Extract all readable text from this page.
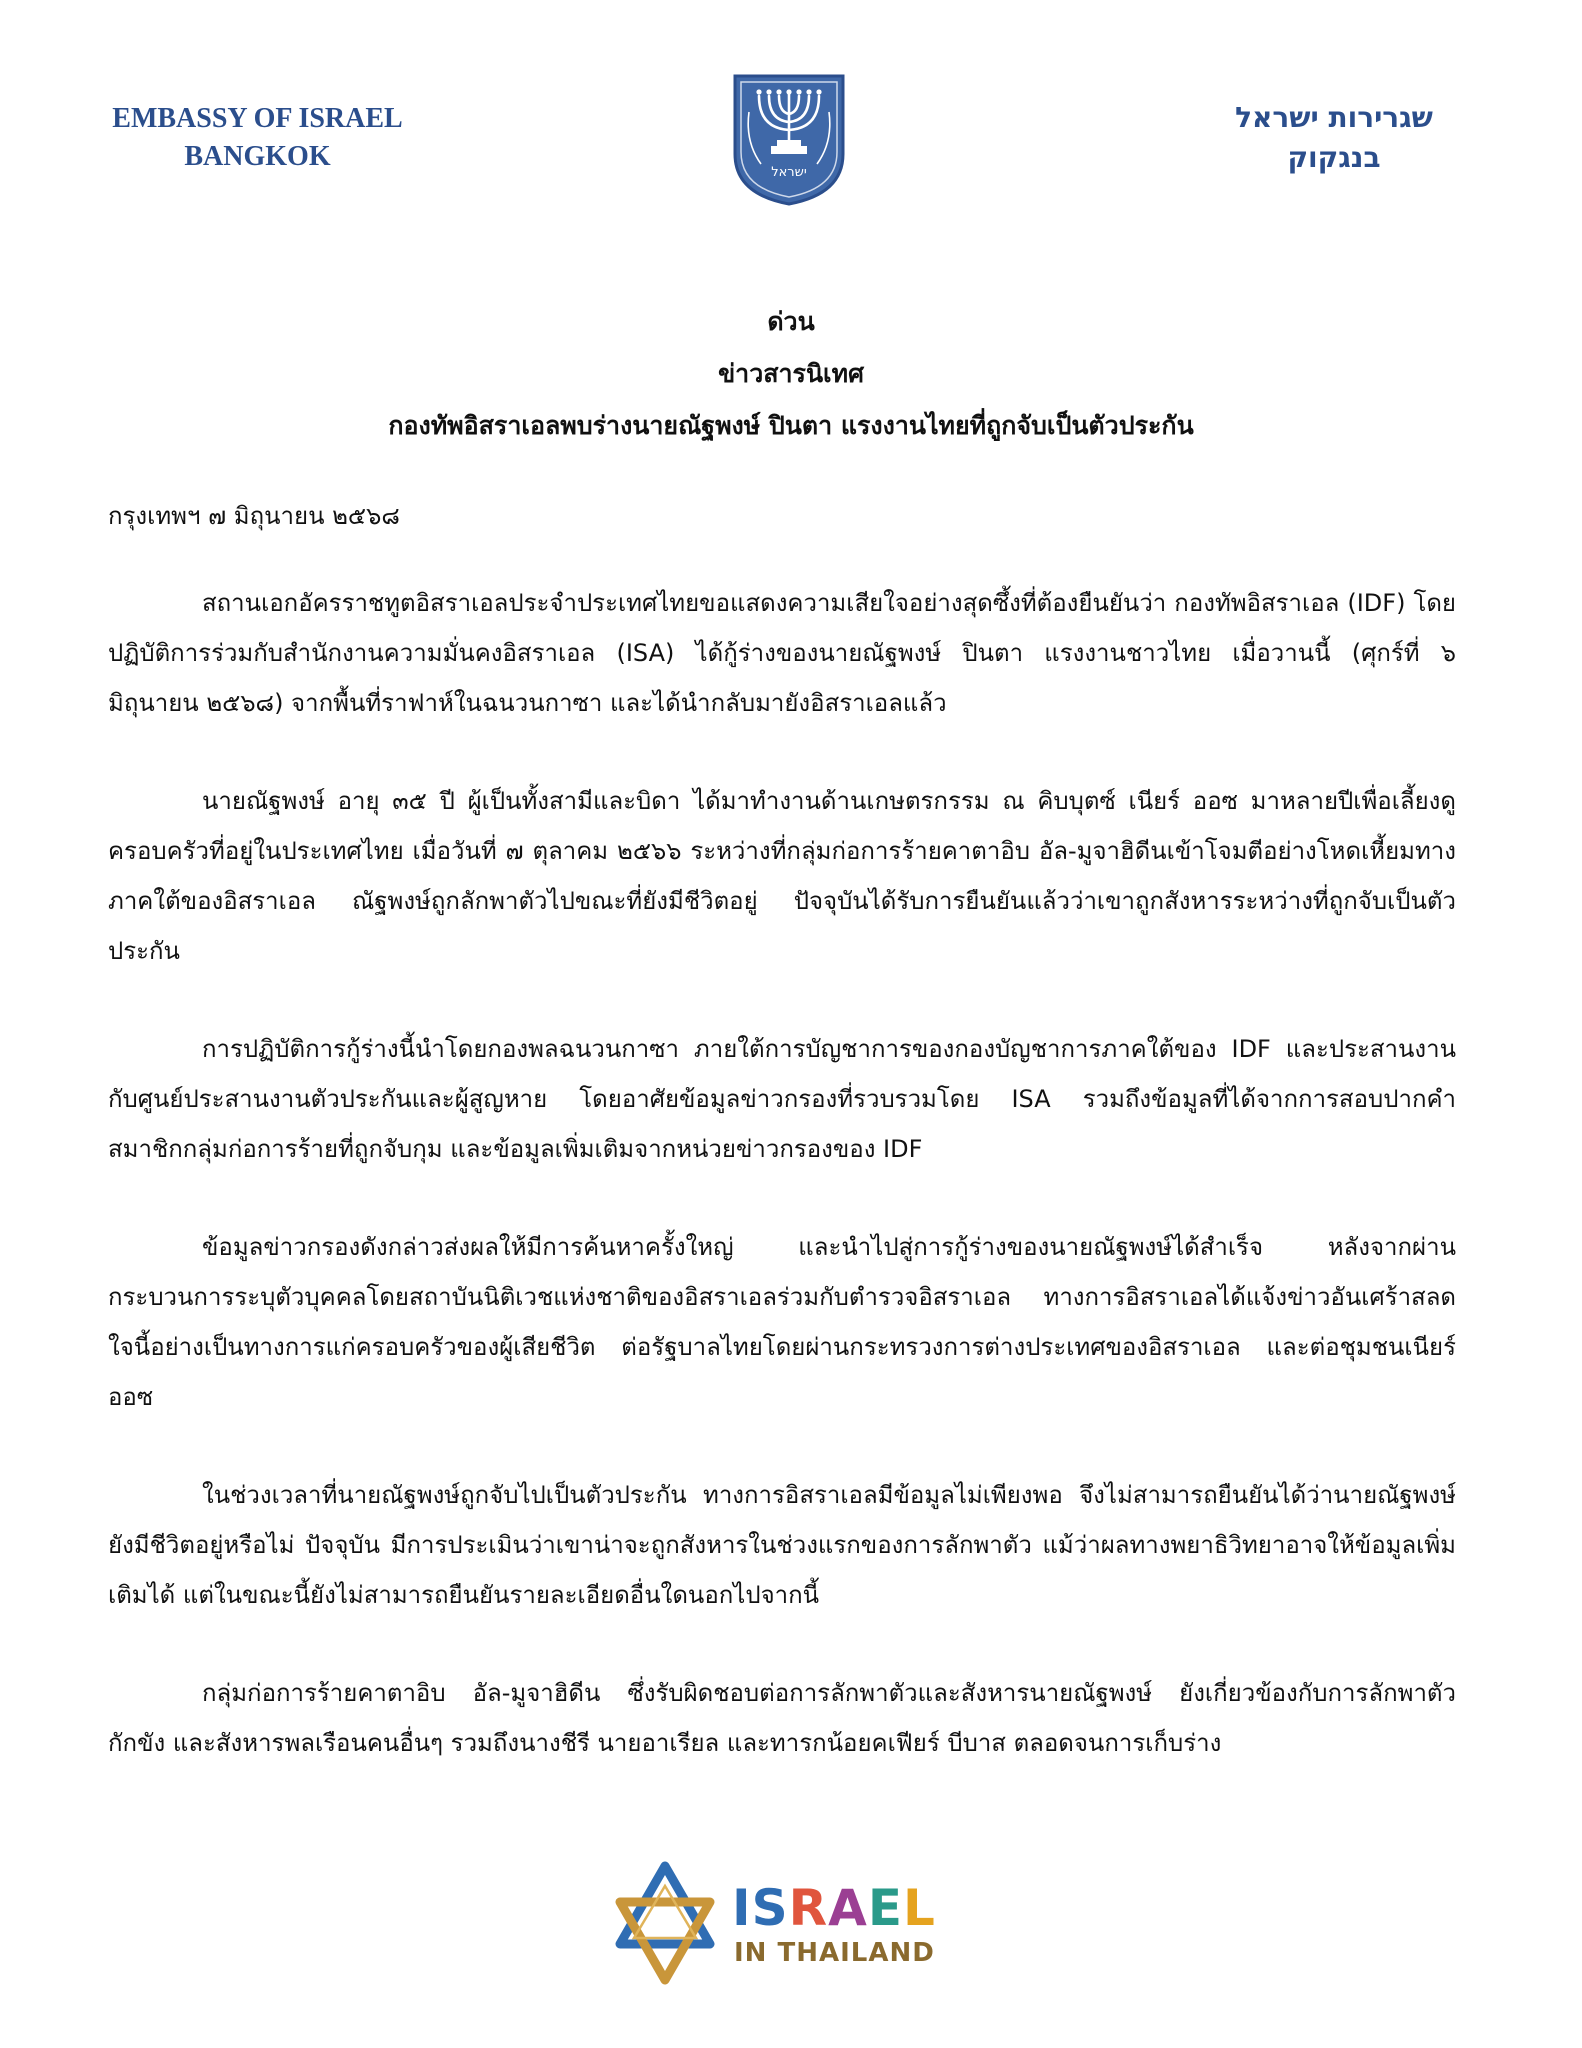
EMBASSY OF ISRAEL
BANGKOK
ישראל
שגרירות ישראל
בנגקוק
ด่วน
ข่าวสารนิเทศ
กองทัพอิสราเอลพบร่างนายณัฐพงษ์ ปินตา แรงงานไทยที่ถูกจับเป็นตัวประกัน
กรุงเทพฯ ๗ มิถุนายน ๒๕๖๘

สถานเอกอัครราชทูตอิสราเอลประจำประเทศไทยขอแสดงความเสียใจอย่างสุดซึ้งที่ต้องยืนยันว่า กองทัพอิสราเอล (IDF) โดยปฏิบัติการร่วมกับสำนักงานความมั่นคงอิสราเอล (ISA) ได้กู้ร่างของนายณัฐพงษ์ ปินตา แรงงานชาวไทย เมื่อวานนี้ (ศุกร์ที่ ๖ มิถุนายน ๒๕๖๘) จากพื้นที่ราฟาห์ในฉนวนกาซา และได้นำกลับมายังอิสราเอลแล้ว

นายณัฐพงษ์ อายุ ๓๕ ปี ผู้เป็นทั้งสามีและบิดา ได้มาทำงานด้านเกษตรกรรม ณ คิบบุตซ์ เนียร์ ออซ มาหลายปีเพื่อเลี้ยงดูครอบครัวที่อยู่ในประเทศไทย เมื่อวันที่ ๗ ตุลาคม ๒๕๖๖ ระหว่างที่กลุ่มก่อการร้ายคาตาอิบ อัล-มูจาฮิดีนเข้าโจมตีอย่างโหดเหี้ยมทางภาคใต้ของอิสราเอล ณัฐพงษ์ถูกลักพาตัวไปขณะที่ยังมีชีวิตอยู่ ปัจจุบันได้รับการยืนยันแล้วว่าเขาถูกสังหารระหว่างที่ถูกจับเป็นตัวประกัน

การปฏิบัติการกู้ร่างนี้นำโดยกองพลฉนวนกาซา ภายใต้การบัญชาการของกองบัญชาการภาคใต้ของ IDF และประสานงานกับศูนย์ประสานงานตัวประกันและผู้สูญหาย โดยอาศัยข้อมูลข่าวกรองที่รวบรวมโดย ISA รวมถึงข้อมูลที่ได้จากการสอบปากคำสมาชิกกลุ่มก่อการร้ายที่ถูกจับกุม และข้อมูลเพิ่มเติมจากหน่วยข่าวกรองของ IDF

ข้อมูลข่าวกรองดังกล่าวส่งผลให้มีการค้นหาครั้งใหญ่ และนำไปสู่การกู้ร่างของนายณัฐพงษ์ได้สำเร็จ หลังจากผ่านกระบวนการระบุตัวบุคคลโดยสถาบันนิติเวชแห่งชาติของอิสราเอลร่วมกับตำรวจอิสราเอล ทางการอิสราเอลได้แจ้งข่าวอันเศร้าสลดใจนี้อย่างเป็นทางการแก่ครอบครัวของผู้เสียชีวิต ต่อรัฐบาลไทยโดยผ่านกระทรวงการต่างประเทศของอิสราเอล และต่อชุมชนเนียร์ ออซ

ในช่วงเวลาที่นายณัฐพงษ์ถูกจับไปเป็นตัวประกัน ทางการอิสราเอลมีข้อมูลไม่เพียงพอ จึงไม่สามารถยืนยันได้ว่านายณัฐพงษ์ยังมีชีวิตอยู่หรือไม่ ปัจจุบัน มีการประเมินว่าเขาน่าจะถูกสังหารในช่วงแรกของการลักพาตัว แม้ว่าผลทางพยาธิวิทยาอาจให้ข้อมูลเพิ่มเติมได้ แต่ในขณะนี้ยังไม่สามารถยืนยันรายละเอียดอื่นใดนอกไปจากนี้

กลุ่มก่อการร้ายคาตาอิบ อัล-มูจาฮิดีน ซึ่งรับผิดชอบต่อการลักพาตัวและสังหารนายณัฐพงษ์ ยังเกี่ยวข้องกับการลักพาตัว กักขัง และสังหารพลเรือนคนอื่นๆ รวมถึงนางชีรี นายอาเรียล และทารกน้อยคเฟียร์ บีบาส ตลอดจนการเก็บร่าง

ISRAEL
IN THAILAND
